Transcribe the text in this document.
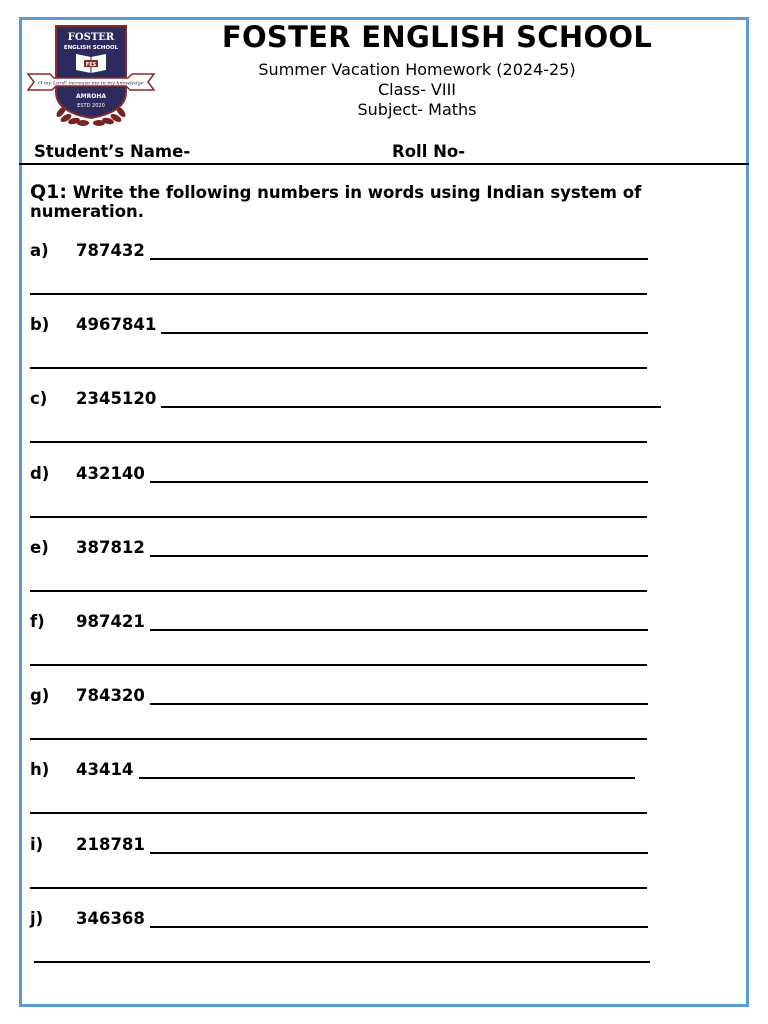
FOSTER
ENGLISH SCHOOL
FES
O my Lord! increase me in my knowledge
AMROHA
ESTD 2020
FOSTER ENGLISH SCHOOL
Summer Vacation Homework (2024-25)
Class- VIII
Subject- Maths
Student’s Name-	Roll No-
Q1: Write the following numbers in words using Indian system of numeration.
a) 787432
b) 4967841
c) 2345120
d) 432140
e) 387812
f) 987421
g) 784320
h) 43414
i) 218781
j) 346368
